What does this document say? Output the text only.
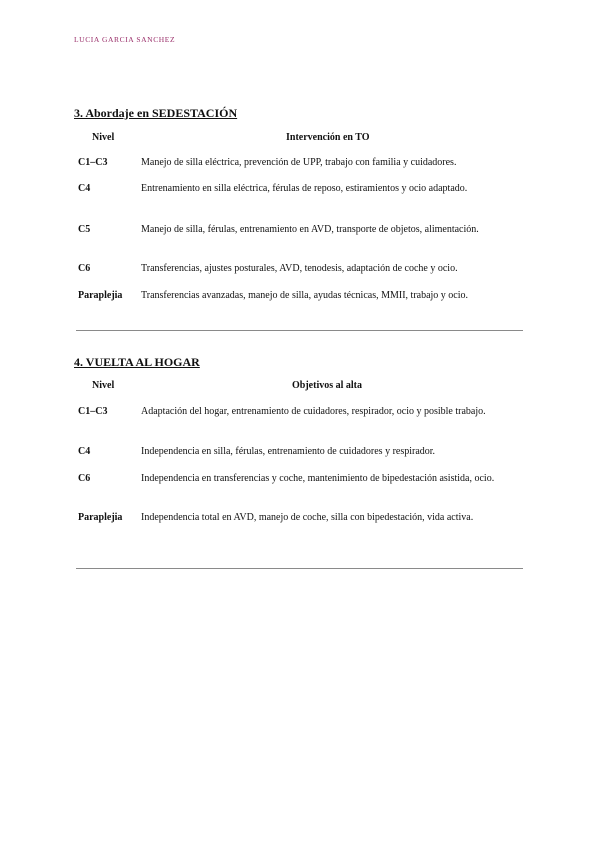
LUCIA GARCIA SANCHEZ
3. Abordaje en SEDESTACIÓN
Nivel	Intervención en TO
C1–C3	Manejo de silla eléctrica, prevención de UPP, trabajo con familia y cuidadores.
C4	Entrenamiento en silla eléctrica, férulas de reposo, estiramientos y ocio adaptado.
C5	Manejo de silla, férulas, entrenamiento en AVD, transporte de objetos, alimentación.
C6	Transferencias, ajustes posturales, AVD, tenodesis, adaptación de coche y ocio.
Paraplejia Transferencias avanzadas, manejo de silla, ayudas técnicas, MMII, trabajo y ocio.
4. VUELTA AL HOGAR
Nivel	Objetivos al alta
C1–C3	Adaptación del hogar, entrenamiento de cuidadores, respirador, ocio y posible trabajo.
C4	Independencia en silla, férulas, entrenamiento de cuidadores y respirador.
C6	Independencia en transferencias y coche, mantenimiento de bipedestación asistida, ocio.
Paraplejia Independencia total en AVD, manejo de coche, silla con bipedestación, vida activa.
